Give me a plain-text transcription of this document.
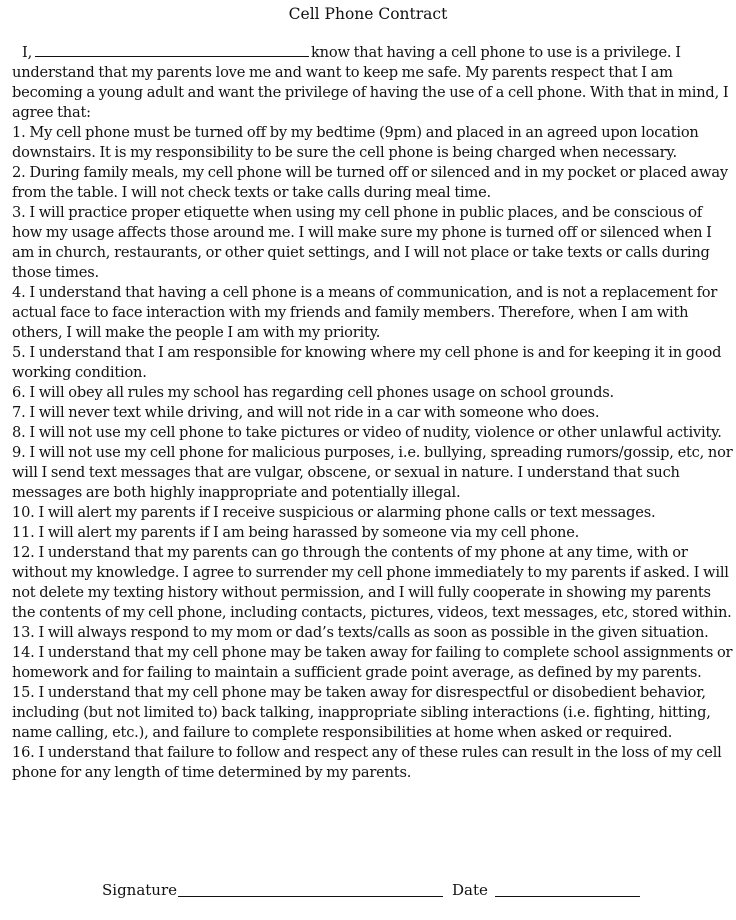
Cell Phone Contract

I,	know that having a cell phone to use is a privilege. I understand that my parents love me and want to keep me safe. My parents respect that I am becoming a young adult and want the privilege of having the use of a cell phone. With that in mind, I agree that:

1. My cell phone must be turned off by my bedtime (9pm) and placed in an agreed upon location downstairs. It is my responsibility to be sure the cell phone is being charged when necessary.

2. During family meals, my cell phone will be turned off or silenced and in my pocket or placed away from the table. I will not check texts or take calls during meal time.

3. I will practice proper etiquette when using my cell phone in public places, and be conscious of how my usage affects those around me. I will make sure my phone is turned off or silenced when I am in church, restaurants, or other quiet settings, and I will not place or take texts or calls during those times.

4. I understand that having a cell phone is a means of communication, and is not a replacement for actual face to face interaction with my friends and family members. Therefore, when I am with others, I will make the people I am with my priority.

5. I understand that I am responsible for knowing where my cell phone is and for keeping it in good working condition.

6. I will obey all rules my school has regarding cell phones usage on school grounds.

7. I will never text while driving, and will not ride in a car with someone who does.

8. I will not use my cell phone to take pictures or video of nudity, violence or other unlawful activity.

9. I will not use my cell phone for malicious purposes, i.e. bullying, spreading rumors/gossip, etc, nor will I send text messages that are vulgar, obscene, or sexual in nature. I understand that such messages are both highly inappropriate and potentially illegal.

10. I will alert my parents if I receive suspicious or alarming phone calls or text messages.

11. I will alert my parents if I am being harassed by someone via my cell phone.

12. I understand that my parents can go through the contents of my phone at any time, with or without my knowledge. I agree to surrender my cell phone immediately to my parents if asked. I will not delete my texting history without permission, and I will fully cooperate in showing my parents the contents of my cell phone, including contacts, pictures, videos, text messages, etc, stored within.

13. I will always respond to my mom or dad’s texts/calls as soon as possible in the given situation.

14. I understand that my cell phone may be taken away for failing to complete school assignments or homework and for failing to maintain a sufficient grade point average, as defined by my parents.

15. I understand that my cell phone may be taken away for disrespectful or disobedient behavior, including (but not limited to) back talking, inappropriate sibling interactions (i.e. fighting, hitting, name calling, etc.), and failure to complete responsibilities at home when asked or required.

16. I understand that failure to follow and respect any of these rules can result in the loss of my cell phone for any length of time determined by my parents.

Signature	Date
